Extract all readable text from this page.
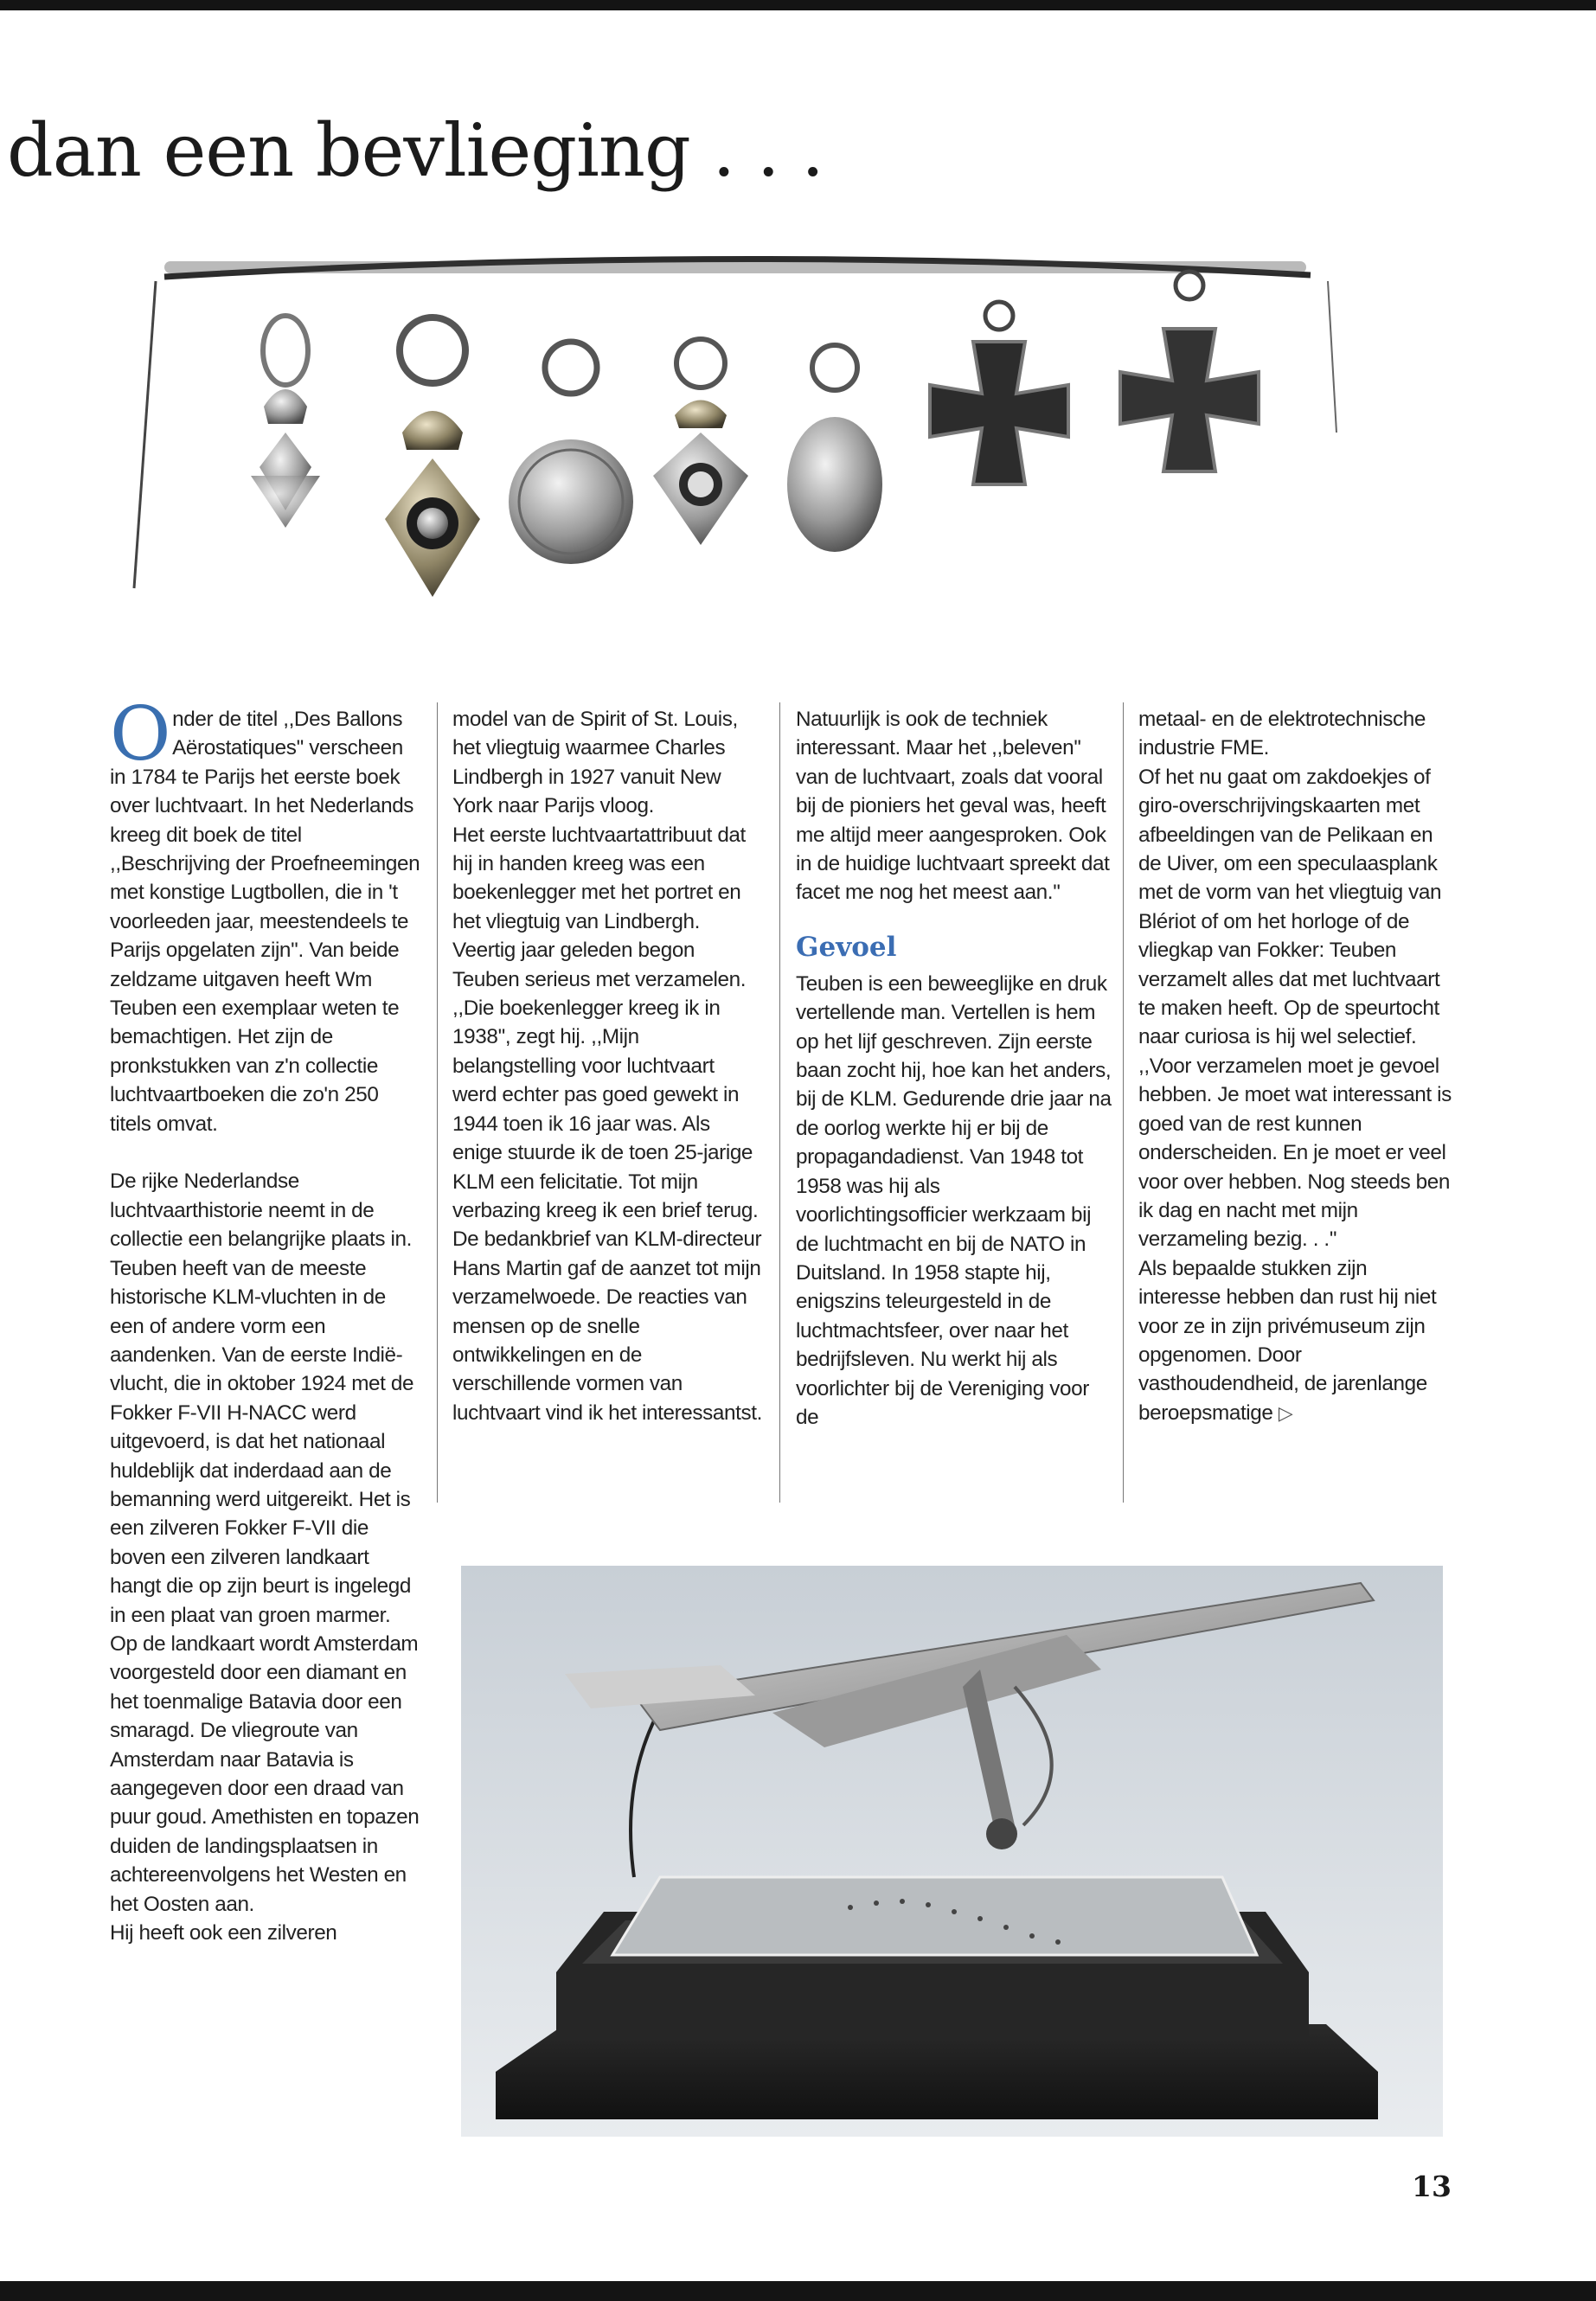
dan een bevlieging . . .

Onder de titel ,,Des Ballons Aërostatiques'' verscheen in 1784 te Parijs het eerste boek over luchtvaart. In het Nederlands kreeg dit boek de titel ,,Beschrijving der Proefneemingen met konstige Lugtbollen, die in 't voorleeden jaar, meestendeels te Parijs opgelaten zijn''. Van beide zeldzame uitgaven heeft Wm Teuben een exemplaar weten te bemachtigen. Het zijn de pronkstukken van z'n collectie luchtvaartboeken die zo'n 250 titels omvat.

De rijke Nederlandse luchtvaarthistorie neemt in de collectie een belangrijke plaats in. Teuben heeft van de meeste historische KLM-vluchten in de een of andere vorm een aandenken. Van de eerste Indië-vlucht, die in oktober 1924 met de Fokker F-VII H-NACC werd uitgevoerd, is dat het nationaal huldeblijk dat inderdaad aan de bemanning werd uitgereikt. Het is een zilveren Fokker F-VII die boven een zilveren landkaart hangt die op zijn beurt is ingelegd in een plaat van groen marmer. Op de landkaart wordt Amsterdam voorgesteld door een diamant en het toenmalige Batavia door een smaragd. De vliegroute van Amsterdam naar Batavia is aangegeven door een draad van puur goud. Amethisten en topazen duiden de landingsplaatsen in achtereenvolgens het Westen en het Oosten aan.

Hij heeft ook een zilveren

model van de Spirit of St. Louis, het vliegtuig waarmee Charles Lindbergh in 1927 vanuit New York naar Parijs vloog.

Het eerste luchtvaartattribuut dat hij in handen kreeg was een boekenlegger met het portret en het vliegtuig van Lindbergh. Veertig jaar geleden begon Teuben serieus met verzamelen. ,,Die boekenlegger kreeg ik in 1938'', zegt hij. ,,Mijn belangstelling voor luchtvaart werd echter pas goed gewekt in 1944 toen ik 16 jaar was. Als enige stuurde ik de toen 25-jarige KLM een felicitatie. Tot mijn verbazing kreeg ik een brief terug. De bedankbrief van KLM-directeur Hans Martin gaf de aanzet tot mijn verzamelwoede. De reacties van mensen op de snelle ontwikkelingen en de verschillende vormen van luchtvaart vind ik het interessantst.

Natuurlijk is ook de techniek interessant. Maar het ,,beleven'' van de luchtvaart, zoals dat vooral bij de pioniers het geval was, heeft me altijd meer aangesproken. Ook in de huidige luchtvaart spreekt dat facet me nog het meest aan.''

Gevoel

Teuben is een beweeglijke en druk vertellende man. Vertellen is hem op het lijf geschreven. Zijn eerste baan zocht hij, hoe kan het anders, bij de KLM. Gedurende drie jaar na de oorlog werkte hij er bij de propagandadienst. Van 1948 tot 1958 was hij als voorlichtingsofficier werkzaam bij de luchtmacht en bij de NATO in Duitsland. In 1958 stapte hij, enigszins teleurgesteld in de luchtmachtsfeer, over naar het bedrijfsleven. Nu werkt hij als voorlichter bij de Vereniging voor de

metaal- en de elektrotechnische industrie FME.

Of het nu gaat om zakdoekjes of giro-overschrijvingskaarten met afbeeldingen van de Pelikaan en de Uiver, om een speculaasplank met de vorm van het vliegtuig van Blériot of om het horloge of de vliegkap van Fokker: Teuben verzamelt alles dat met luchtvaart te maken heeft. Op de speurtocht naar curiosa is hij wel selectief. ,,Voor verzamelen moet je gevoel hebben. Je moet wat interessant is goed van de rest kunnen onderscheiden. En je moet er veel voor over hebben. Nog steeds ben ik dag en nacht met mijn verzameling bezig. . .''

Als bepaalde stukken zijn interesse hebben dan rust hij niet voor ze in zijn privémuseum zijn opgenomen. Door vasthoudendheid, de jarenlange beroepsmatige ▷

13
